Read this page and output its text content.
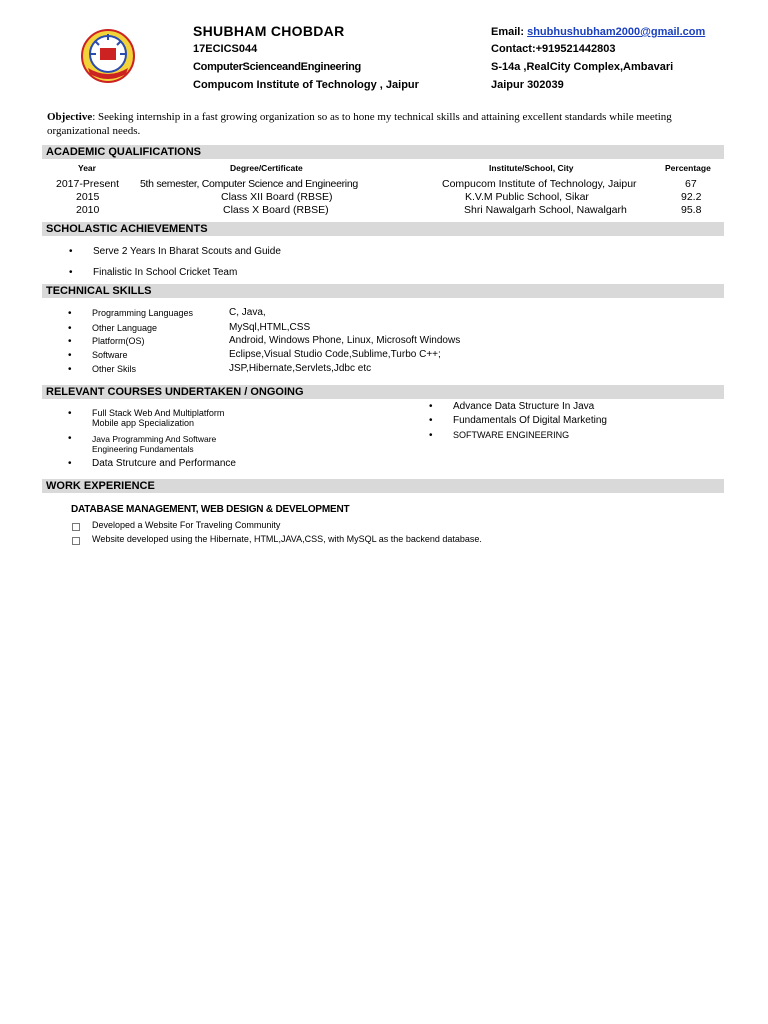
SHUBHAM CHOBDAR
17ECICS044
ComputerScienceandEngineering
Compucom Institute of Technology , Jaipur
Email: shubhushubham2000@gmail.com
Contact:+919521442803
S-14a ,RealCity Complex,Ambavari
Jaipur 302039
Objective: Seeking internship in a fast growing organization so as to hone my technical skills and attaining excellent standards while meeting organizational needs.
ACADEMIC QUALIFICATIONS
Year	Degree/Certificate	Institute/School, City	Percentage
2017-Present 5th semester, Computer Science and Engineering	Compucom Institute of Technology, Jaipur	67
2015	Class XII Board (RBSE)	K.V.M Public School, Sikar	92.2
2010	Class X Board (RBSE)	Shri Nawalgarh School, Nawalgarh	95.8
SCHOLASTIC ACHIEVEMENTS
• Serve 2 Years In Bharat Scouts and Guide
• Finalistic In School Cricket Team
TECHNICAL SKILLS
• Programming Languages	C, Java,
• Other Language	MySql,HTML,CSS
• Platform(OS)	Android, Windows Phone, Linux, Microsoft Windows
• Software	Eclipse,Visual Studio Code,Sublime,Turbo C++;
• Other Skils	JSP,Hibernate,Servlets,Jdbc etc
RELEVANT COURSES UNDERTAKEN / ONGOING
• Full Stack Web And Multiplatform
Mobile app Specialization
• Java Programming And Software
Engineering Fundamentals
• Data Strutcure and Performance
• Advance Data Structure In Java
• Fundamentals Of Digital Marketing
• SOFTWARE ENGINEERING
WORK EXPERIENCE
DATABASE MANAGEMENT, WEB DESIGN & DEVELOPMENT
Developed a Website For Traveling Community
Website developed using the Hibernate, HTML,JAVA,CSS, with MySQL as the backend database.
